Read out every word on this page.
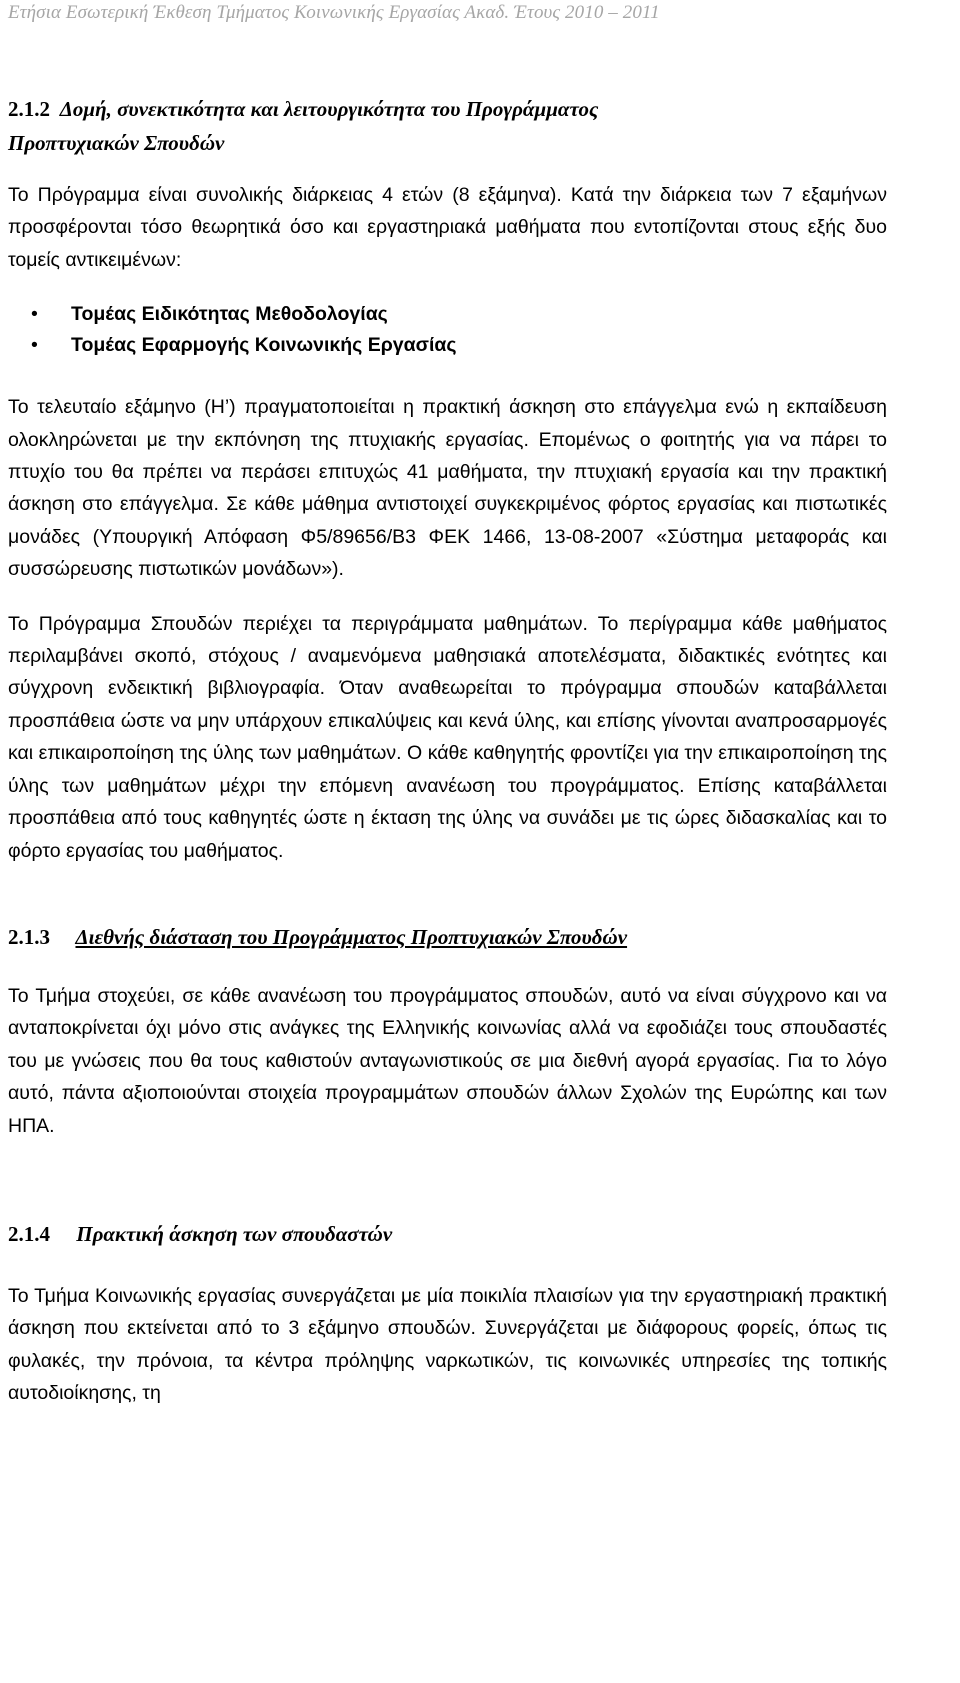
Ετήσια Εσωτερική Έκθεση Τμήματος Κοινωνικής Εργασίας Ακαδ. Έτους 2010 – 2011
2.1.2 Δομή, συνεκτικότητα και λειτουργικότητα του Προγράμματος
Προπτυχιακών Σπουδών

Το Πρόγραμμα είναι συνολικής διάρκειας 4 ετών (8 εξάμηνα). Κατά την διάρκεια των 7 εξαμήνων προσφέρονται τόσο θεωρητικά όσο και εργαστηριακά μαθήματα που εντοπίζονται στους εξής δυο τομείς αντικειμένων:

• Τομέας Ειδικότητας Μεθοδολογίας
• Τομέας Εφαρμογής Κοινωνικής Εργασίας

Το τελευταίο εξάμηνο (Η’) πραγματοποιείται η πρακτική άσκηση στο επάγγελμα ενώ η εκπαίδευση ολοκληρώνεται με την εκπόνηση της πτυχιακής εργασίας. Επομένως ο φοιτητής για να πάρει το πτυχίο του θα πρέπει να περάσει επιτυχώς 41 μαθήματα, την πτυχιακή εργασία και την πρακτική άσκηση στο επάγγελμα. Σε κάθε μάθημα αντιστοιχεί συγκεκριμένος φόρτος εργασίας και πιστωτικές μονάδες (Υπουργική Απόφαση Φ5/89656/Β3 ΦΕΚ 1466, 13-08-2007 «Σύστημα μεταφοράς και συσσώρευσης πιστωτικών μονάδων»).

Το Πρόγραμμα Σπουδών περιέχει τα περιγράμματα μαθημάτων. Το περίγραμμα κάθε μαθήματος περιλαμβάνει σκοπό, στόχους / αναμενόμενα μαθησιακά αποτελέσματα, διδακτικές ενότητες και σύγχρονη ενδεικτική βιβλιογραφία. Όταν αναθεωρείται το πρόγραμμα σπουδών καταβάλλεται προσπάθεια ώστε να μην υπάρχουν επικαλύψεις και κενά ύλης, και επίσης γίνονται αναπροσαρμογές και επικαιροποίηση της ύλης των μαθημάτων. Ο κάθε καθηγητής φροντίζει για την επικαιροποίηση της ύλης των μαθημάτων μέχρι την επόμενη ανανέωση του προγράμματος. Επίσης καταβάλλεται προσπάθεια από τους καθηγητές ώστε η έκταση της ύλης να συνάδει με τις ώρες διδασκαλίας και το φόρτο εργασίας του μαθήματος.

2.1.3 Διεθνής διάσταση του Προγράμματος Προπτυχιακών Σπουδών

Το Τμήμα στοχεύει, σε κάθε ανανέωση του προγράμματος σπουδών, αυτό να είναι σύγχρονο και να ανταποκρίνεται όχι μόνο στις ανάγκες της Ελληνικής κοινωνίας αλλά να εφοδιάζει τους σπουδαστές του με γνώσεις που θα τους καθιστούν ανταγωνιστικούς σε μια διεθνή αγορά εργασίας. Για το λόγο αυτό, πάντα αξιοποιούνται στοιχεία προγραμμάτων σπουδών άλλων Σχολών της Ευρώπης και των ΗΠΑ.

2.1.4 Πρακτική άσκηση των σπουδαστών

Το Τμήμα Κοινωνικής εργασίας συνεργάζεται με μία ποικιλία πλαισίων για την εργαστηριακή πρακτική άσκηση που εκτείνεται από το 3 εξάμηνο σπουδών. Συνεργάζεται με διάφορους φορείς, όπως τις φυλακές, την πρόνοια, τα κέντρα πρόληψης ναρκωτικών, τις κοινωνικές υπηρεσίες της τοπικής αυτοδιοίκησης, τη
